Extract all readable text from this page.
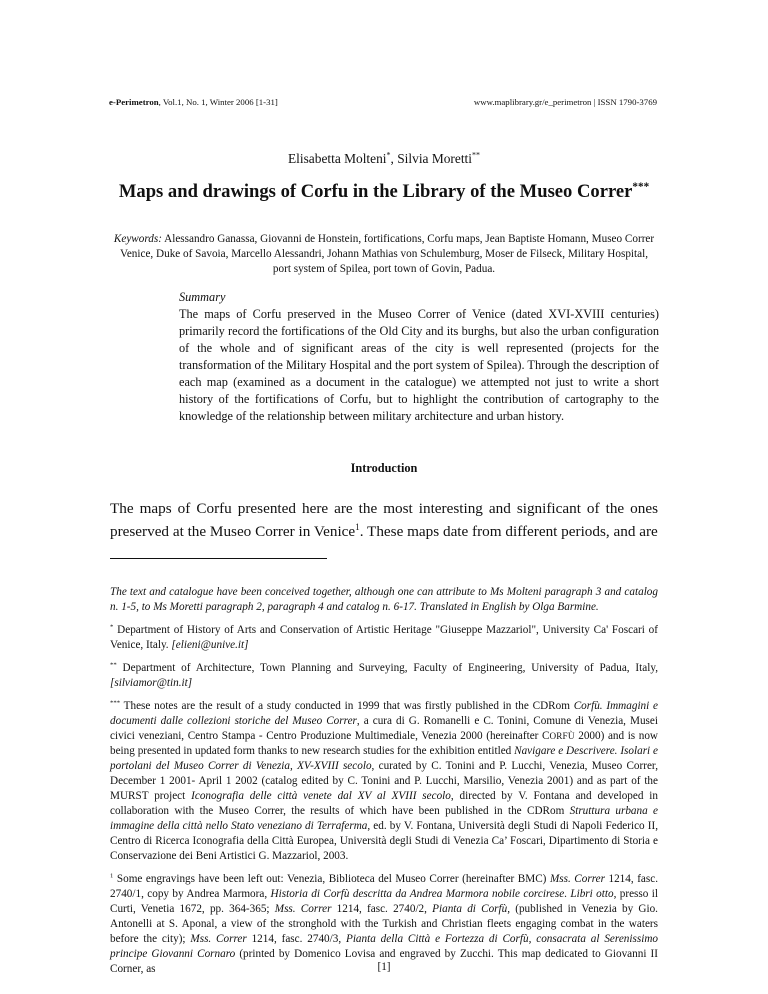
e-Perimetron, Vol.1, No. 1, Winter 2006 [1-31]	www.maplibrary.gr/e_perimetron | ISSN 1790-3769
Elisabetta Molteni*, Silvia Moretti**
Maps and drawings of Corfu in the Library of the Museo Correr***
Keywords: Alessandro Ganassa, Giovanni de Honstein, fortifications, Corfu maps, Jean Baptiste Homann, Museo Correr Venice, Duke of Savoia, Marcello Alessandri, Johann Mathias von Schulemburg, Moser de Filseck, Military Hospital, port system of Spilea, port town of Govin, Padua.
Summary
The maps of Corfu preserved in the Museo Correr of Venice (dated XVI-XVIII centuries) primarily record the fortifications of the Old City and its burghs, but also the urban configuration of the whole and of significant areas of the city is well represented (projects for the transformation of the Military Hospital and the port system of Spilea). Through the description of each map (examined as a document in the catalogue) we attempted not just to write a short history of the fortifications of Corfu, but to highlight the contribution of cartography to the knowledge of the relationship between military architecture and urban history.
Introduction
The maps of Corfu presented here are the most interesting and significant of the ones preserved at the Museo Correr in Venice$^1$. These maps date from different periods, and are

The text and catalogue have been conceived together, although one can attribute to Ms Molteni paragraph 3 and catalog n. 1-5, to Ms Moretti paragraph 2, paragraph 4 and catalog n. 6-17. Translated in English by Olga Barmine.

* Department of History of Arts and Conservation of Artistic Heritage "Giuseppe Mazzariol", University Ca' Foscari of Venice, Italy. [elieni@unive.it]

** Department of Architecture, Town Planning and Surveying, Faculty of Engineering, University of Padua, Italy, [silviamor@tin.it]

*** These notes are the result of a study conducted in 1999 that was firstly published in the CDRom Corfù. Immagini e documenti dalle collezioni storiche del Museo Correr, a cura di G. Romanelli e C. Tonini, Comune di Venezia, Musei civici veneziani, Centro Stampa - Centro Produzione Multimediale, Venezia 2000 (hereinafter CORFÙ 2000) and is now being presented in updated form thanks to new research studies for the exhibition entitled Navigare e Descrivere. Isolari e portolani del Museo Correr di Venezia, XV-XVIII secolo, curated by C. Tonini and P. Lucchi, Venezia, Museo Correr, December 1 2001- April 1 2002 (catalog edited by C. Tonini and P. Lucchi, Marsilio, Venezia 2001) and as part of the MURST project Iconografia delle città venete dal XV al XVIII secolo, directed by V. Fontana and developed in collaboration with the Museo Correr, the results of which have been published in the CDRom Struttura urbana e immagine della città nello Stato veneziano di Terraferma, ed. by V. Fontana, Università degli Studi di Napoli Federico II, Centro di Ricerca Iconografia della Città Europea, Università degli Studi di Venezia Ca’ Foscari, Dipartimento di Storia e Conservazione dei Beni Artistici G. Mazzariol, 2003.

$^1$ Some engravings have been left out: Venezia, Biblioteca del Museo Correr (hereinafter BMC) Mss. Correr 1214, fasc. 2740/1, copy by Andrea Marmora, Historia di Corfù descritta da Andrea Marmora nobile corcirese. Libri otto, presso il Curti, Venetia 1672, pp. 364-365; Mss. Correr 1214, fasc. 2740/2, Pianta di Corfù, (published in Venezia by Gio. Antonelli at S. Aponal, a view of the stronghold with the Turkish and Christian fleets engaging combat in the waters before the city); Mss. Correr 1214, fasc. 2740/3, Pianta della Città e Fortezza di Corfù, consacrata al Serenissimo principe Giovanni Cornaro (printed by Domenico Lovisa and engraved by Zucchi. This map dedicated to Giovanni II Corner, as	[1]
